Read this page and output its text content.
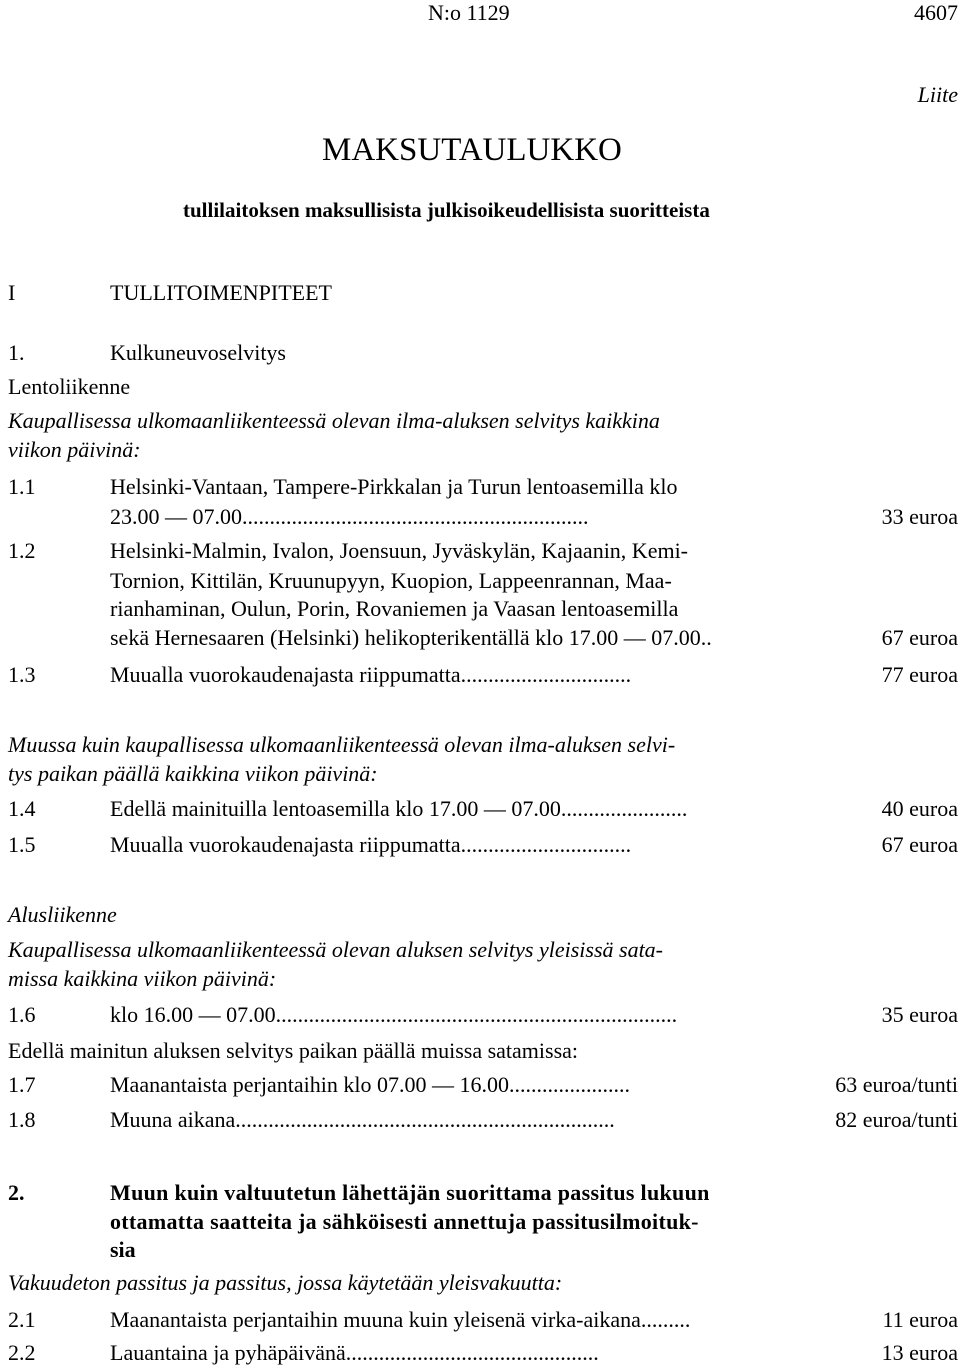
N:o 1129	4607
Liite
MAKSUTAULUKKO
tullilaitoksen maksullisista julkisoikeudellisista suoritteista
I	TULLITOIMENPITEET
1.	Kulkuneuvoselvitys
Lentoliikenne
Kaupallisessa ulkomaanliikenteessä olevan ilma-aluksen selvitys kaikkina
viikon päivinä:
1.1	Helsinki-Vantaan, Tampere-Pirkkalan ja Turun lentoasemilla klo
23.00 — 07.00...............................................................	33 euroa
1.2	Helsinki-Malmin, Ivalon, Joensuun, Jyväskylän, Kajaanin, Kemi-
Tornion, Kittilän, Kruunupyyn, Kuopion, Lappeenrannan, Maa-
rianhaminan, Oulun, Porin, Rovaniemen ja Vaasan lentoasemilla
sekä Hernesaaren (Helsinki) helikopterikentällä klo 17.00 — 07.00..	67 euroa
1.3	Muualla vuorokaudenajasta riippumatta...............................	77 euroa
Muussa kuin kaupallisessa ulkomaanliikenteessä olevan ilma-aluksen selvi-
tys paikan päällä kaikkina viikon päivinä:
1.4	Edellä mainituilla lentoasemilla klo 17.00 — 07.00.......................	40 euroa
1.5	Muualla vuorokaudenajasta riippumatta...............................	67 euroa
Alusliikenne
Kaupallisessa ulkomaanliikenteessä olevan aluksen selvitys yleisissä sata-
missa kaikkina viikon päivinä:
1.6	klo 16.00 — 07.00.........................................................................	35 euroa
Edellä mainitun aluksen selvitys paikan päällä muissa satamissa:
1.7	Maanantaista perjantaihin klo 07.00 — 16.00......................	63 euroa/tunti
1.8	Muuna aikana.....................................................................	82 euroa/tunti
2.	Muun kuin valtuutetun lähettäjän suorittama passitus lukuun
ottamatta saatteita ja sähköisesti annettuja passitusilmoituk-
sia
Vakuudeton passitus ja passitus, jossa käytetään yleisvakuutta:
2.1	Maanantaista perjantaihin muuna kuin yleisenä virka-aikana.........	11 euroa
2.2	Lauantaina ja pyhäpäivänä..............................................	13 euroa
